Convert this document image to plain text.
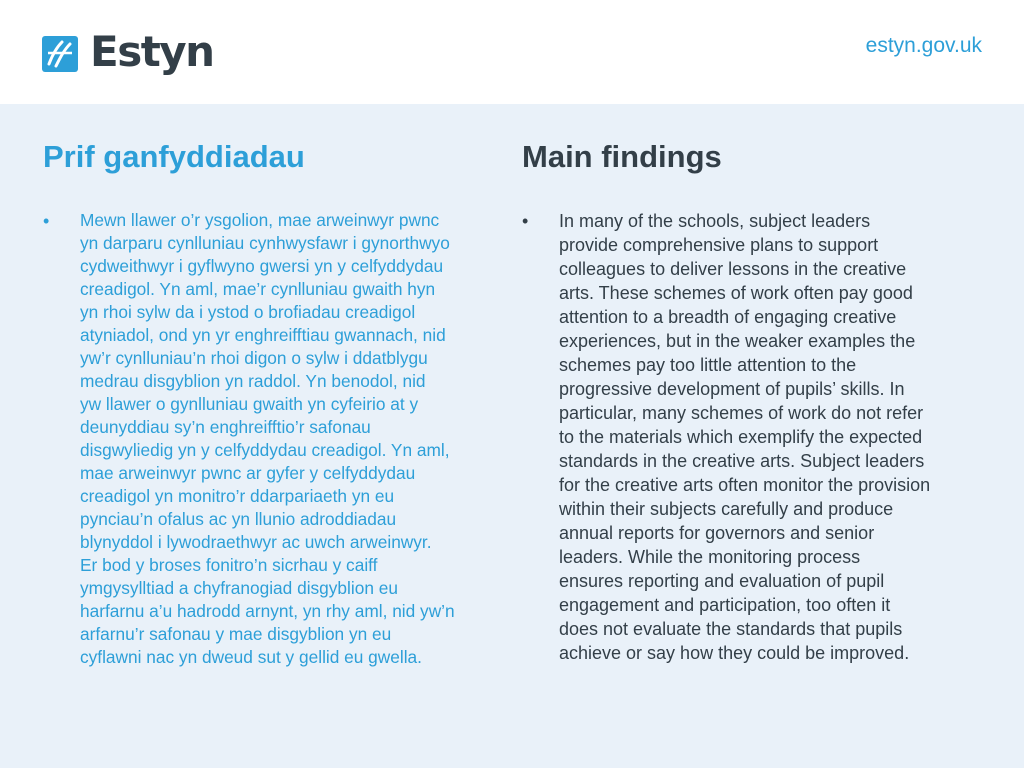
Estyn	estyn.gov.uk
Prif ganfyddiadau
•	Mewn llawer o’r ysgolion, mae arweinwyr pwnc
yn darparu cynlluniau cynhwysfawr i gynorthwyo
cydweithwyr i gyflwyno gwersi yn y celfyddydau
creadigol. Yn aml, mae’r cynlluniau gwaith hyn
yn rhoi sylw da i ystod o brofiadau creadigol
atyniadol, ond yn yr enghreifftiau gwannach, nid
yw’r cynlluniau’n rhoi digon o sylw i ddatblygu
medrau disgyblion yn raddol. Yn benodol, nid
yw llawer o gynlluniau gwaith yn cyfeirio at y
deunyddiau sy’n enghreifftio’r safonau
disgwyliedig yn y celfyddydau creadigol. Yn aml,
mae arweinwyr pwnc ar gyfer y celfyddydau
creadigol yn monitro’r ddarpariaeth yn eu
pynciau’n ofalus ac yn llunio adroddiadau
blynyddol i lywodraethwyr ac uwch arweinwyr.
Er bod y broses fonitro’n sicrhau y caiff
ymgysylltiad a chyfranogiad disgyblion eu
harfarnu a’u hadrodd arnynt, yn rhy aml, nid yw’n
arfarnu’r safonau y mae disgyblion yn eu
cyflawni nac yn dweud sut y gellid eu gwella.

Main findings
•	In many of the schools, subject leaders
provide comprehensive plans to support
colleagues to deliver lessons in the creative
arts. These schemes of work often pay good
attention to a breadth of engaging creative
experiences, but in the weaker examples the
schemes pay too little attention to the
progressive development of pupils’ skills. In
particular, many schemes of work do not refer
to the materials which exemplify the expected
standards in the creative arts. Subject leaders
for the creative arts often monitor the provision
within their subjects carefully and produce
annual reports for governors and senior
leaders. While the monitoring process
ensures reporting and evaluation of pupil
engagement and participation, too often it
does not evaluate the standards that pupils
achieve or say how they could be improved.
